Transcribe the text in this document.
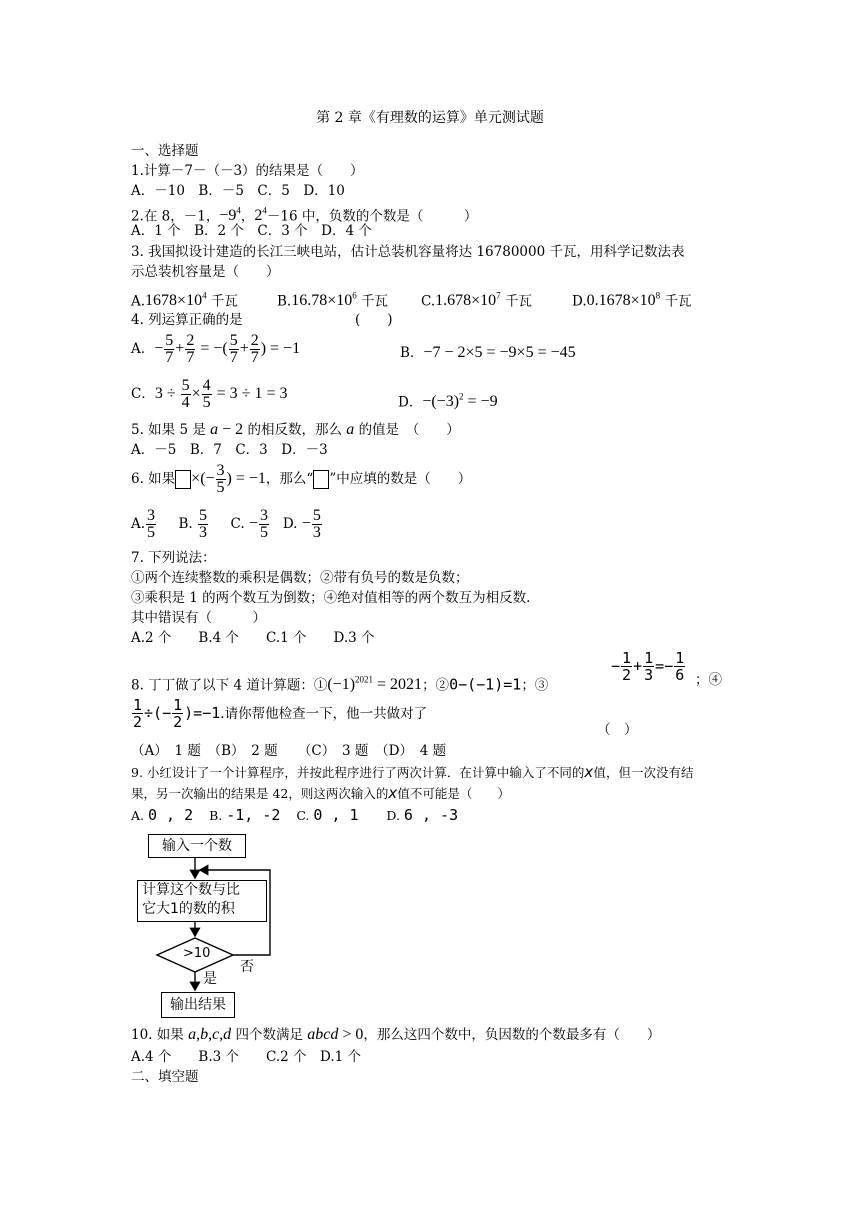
第 2 章《有理数的运算》单元测试题
一、选择题
1.计算－7－（－3）的结果是（　　）
A．－10　B．－5　C．5　D．10
2.在 8，－1，$-9^4$，$2^4-16$ 中，负数的个数是（　　　）
A．1 个　B．2 个　C．3 个　D．4 个
3. 我国拟设计建造的长江三峡电站，估计总装机容量将达 16780000 千瓦，用科学记数法表
示总装机容量是（　　）
$A.1678\times 10^4$ 千瓦	$B.16.78\times 10^6$ 千瓦 $C.1.678\times 10^7$ 千瓦	$D.0.1678\times 10^8$ 千瓦
4. 列运算正确的是	(　　)
A．− $\frac{5}{7} + \frac{2}{7}$ = −( $\frac{5}{7} + \frac{2}{7}$ ) = −1	B．−7 − 2×5 = −9×5 = −45
C．$3 \div \frac{5}{4} \times \frac{4}{5} = 3 \div 1 = 3$
D．$-(-3)^2 = -9$
5. 如果 5 是 a − 2 的相反数，那么 a 的值是　（　　）
A．－5　B．7　C．3　D．－3
6. 如果 ×(− $\frac{3}{5}$ ) = −1，那么“ ”中应填的数是（　　）
A. $\frac{3}{5} B$. $\frac{5}{3} C$. − $\frac{3}{5} D$. − $\frac{5}{3}$
7. 下列说法：
①两个连续整数的乘积是偶数；②带有负号的数是负数；
③乘积是 1 的两个数互为倒数；④绝对值相等的两个数互为相反数.
其中错误有（　　　）
A.2 个　　B.4 个　　C.1 个　　D.3 个
8. 丁丁做了以下 4 道计算题：$①(-1)^{2021} = 2021$；②0−(−1)=1；③
− $\frac{1}{2} + \frac{1}{3} =- \frac{1}{6}$ ；④
$\frac{1}{2}$ ÷(− $\frac{1}{2} )=-1$.请你帮他检查一下，他一共做对了
（　）
（A）　1 题　（B）　2 题　　（C）　3 题　（D）　4 题
9. 小红设计了一个计算程序，并按此程序进行了两次计算．在计算中输入了不同的x值，但一次没有结
果，另一次输出的结果是 42，则这两次输入的x值不可能是（　　）
A. 0 , 2 B. -1, -2 C. 0 , 1 D. 6 , -3
输入一个数
计算这个数与比
它大1的数的积
>10
否
是
输出结果
10. 如果 a,b,c,d 四个数满足 abcd > 0，那么这四个数中，负因数的个数最多有（　　）
A.4 个　　B.3 个　　C.2 个　D.1 个
二、填空题
